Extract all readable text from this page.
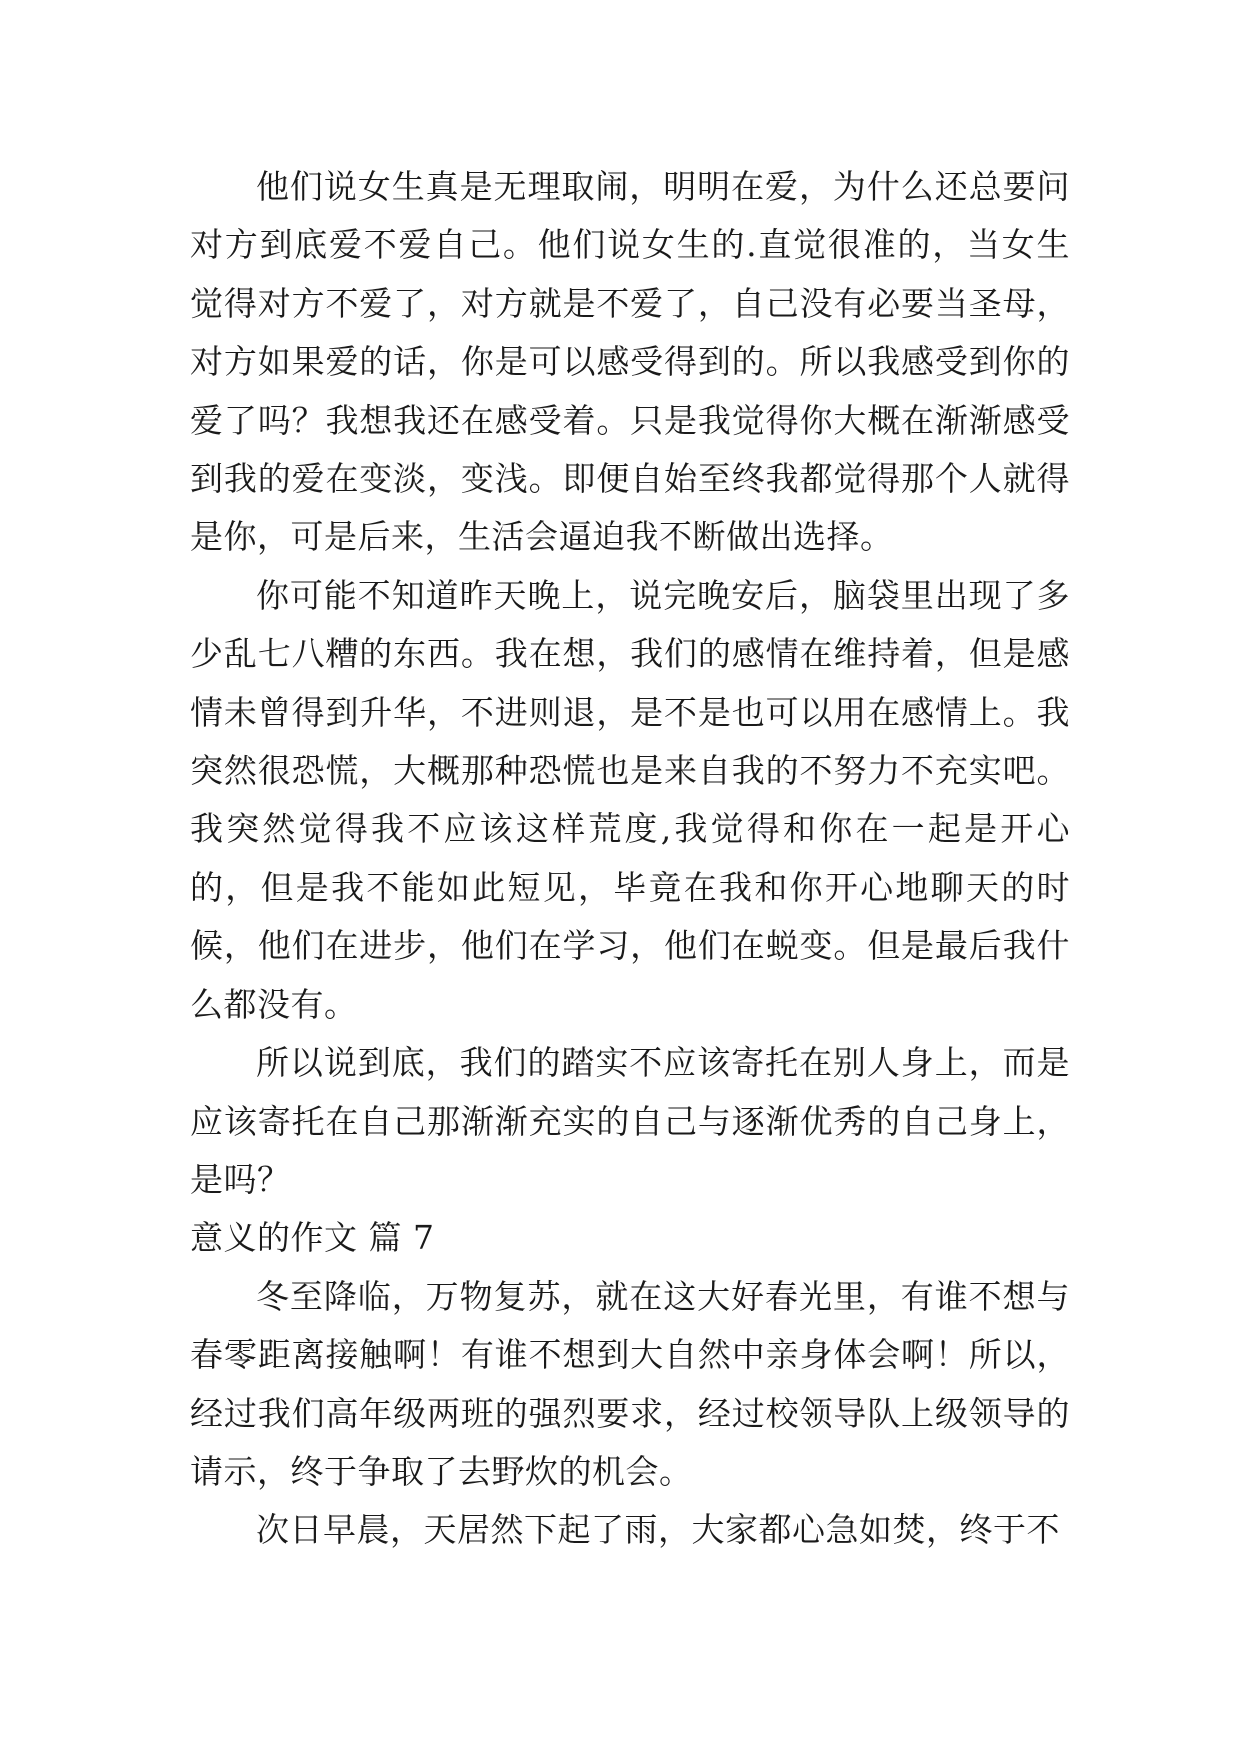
他们说女生真是无理取闹，明明在爱，为什么还总要问对方到底爱不爱自己。他们说女生的.直觉很准的，当女生觉得对方不爱了，对方就是不爱了，自己没有必要当圣母，对方如果爱的话，你是可以感受得到的。所以我感受到你的爱了吗？我想我还在感受着。只是我觉得你大概在渐渐感受到我的爱在变淡，变浅。即便自始至终我都觉得那个人就得是你，可是后来，生活会逼迫我不断做出选择。

你可能不知道昨天晚上，说完晚安后，脑袋里出现了多少乱七八糟的东西。我在想，我们的感情在维持着，但是感情未曾得到升华，不进则退，是不是也可以用在感情上。我突然很恐慌，大概那种恐慌也是来自我的不努力不充实吧。我突然觉得我不应该这样荒度,我觉得和你在一起是开心的，但是我不能如此短见，毕竟在我和你开心地聊天的时候，他们在进步，他们在学习，他们在蜕变。但是最后我什么都没有。

所以说到底，我们的踏实不应该寄托在别人身上，而是应该寄托在自己那渐渐充实的自己与逐渐优秀的自己身上，是吗？

意义的作文 篇 7

冬至降临，万物复苏，就在这大好春光里，有谁不想与春零距离接触啊！有谁不想到大自然中亲身体会啊！所以，经过我们高年级两班的强烈要求，经过校领导队上级领导的请示，终于争取了去野炊的机会。

次日早晨，天居然下起了雨，大家都心急如焚，终于不
